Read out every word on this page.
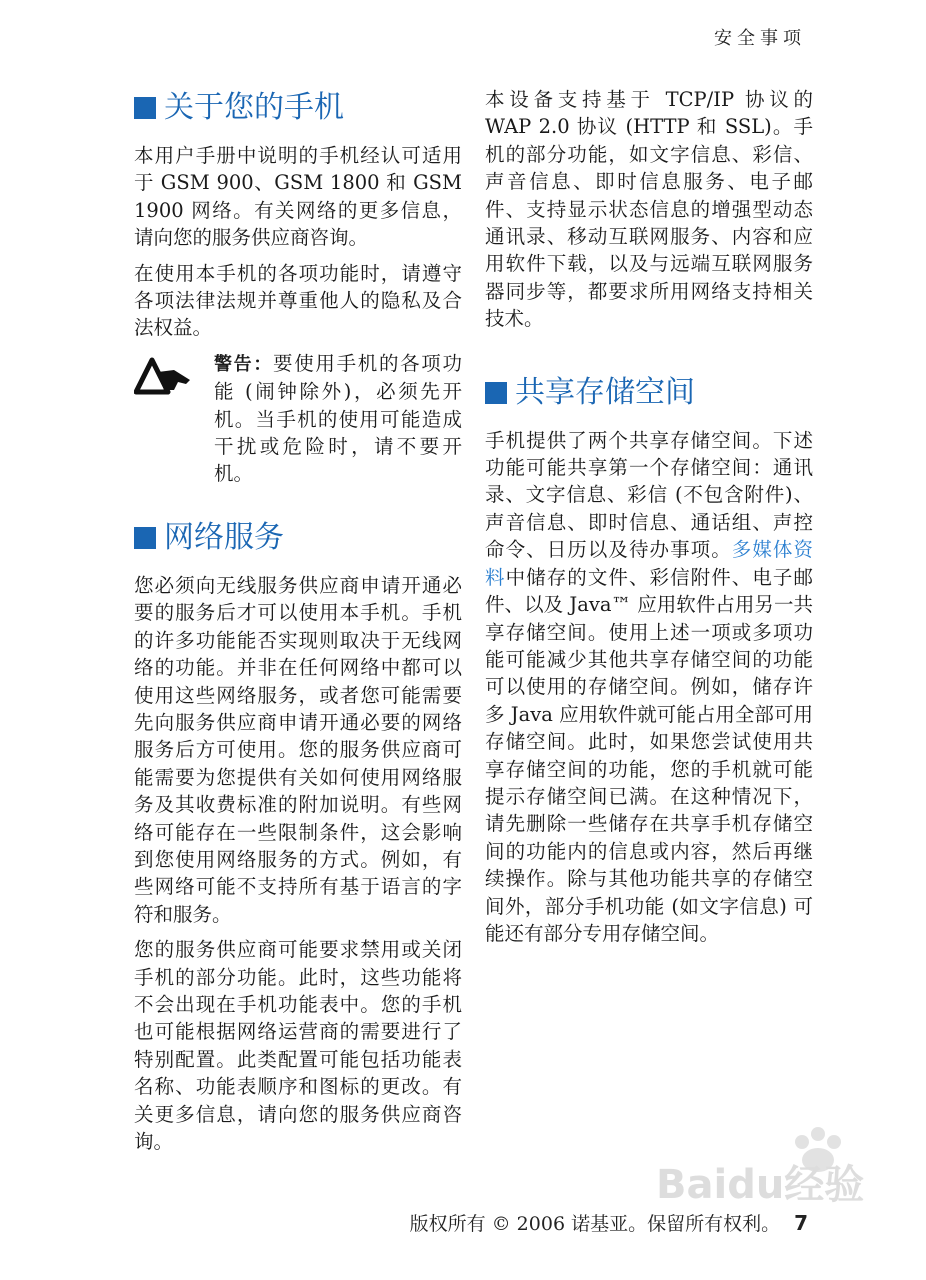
安全事项
关于您的手机

本用户手册中说明的手机经认可适用于 GSM 900、GSM 1800 和 GSM 1900 网络。有关网络的更多信息，请向您的服务供应商咨询。

在使用本手机的各项功能时，请遵守各项法律法规并尊重他人的隐私及合法权益。

警告：要使用手机的各项功能 (闹钟除外)，必须先开机。当手机的使用可能造成干扰或危险时，请不要开机。

网络服务

您必须向无线服务供应商申请开通必要的服务后才可以使用本手机。手机的许多功能能否实现则取决于无线网络的功能。并非在任何网络中都可以使用这些网络服务，或者您可能需要先向服务供应商申请开通必要的网络服务后方可使用。您的服务供应商可能需要为您提供有关如何使用网络服务及其收费标准的附加说明。有些网络可能存在一些限制条件，这会影响到您使用网络服务的方式。例如，有些网络可能不支持所有基于语言的字符和服务。

您的服务供应商可能要求禁用或关闭手机的部分功能。此时，这些功能将不会出现在手机功能表中。您的手机也可能根据网络运营商的需要进行了特别配置。此类配置可能包括功能表名称、功能表顺序和图标的更改。有关更多信息，请向您的服务供应商咨询。

本设备支持基于 TCP/IP 协议的 WAP 2.0 协议 (HTTP 和 SSL)。手机的部分功能，如文字信息、彩信、声音信息、即时信息服务、电子邮件、支持显示状态信息的增强型动态通讯录、移动互联网服务、内容和应用软件下载，以及与远端互联网服务器同步等，都要求所用网络支持相关技术。

共享存储空间

手机提供了两个共享存储空间。下述功能可能共享第一个存储空间：通讯录、文字信息、彩信 (不包含附件)、声音信息、即时信息、通话组、声控命令、日历以及待办事项。多媒体资料中储存的文件、彩信附件、电子邮件、以及 Java™ 应用软件占用另一共享存储空间。使用上述一项或多项功能可能减少其他共享存储空间的功能可以使用的存储空间。例如，储存许多 Java 应用软件就可能占用全部可用存储空间。此时，如果您尝试使用共享存储空间的功能，您的手机就可能提示存储空间已满。在这种情况下，请先删除一些储存在共享手机存储空间的功能内的信息或内容，然后再继续操作。除与其他功能共享的存储空间外，部分手机功能 (如文字信息) 可能还有部分专用存储空间。

Baidu经验
版权所有 © 2006 诺基亚。保留所有权利。 7
